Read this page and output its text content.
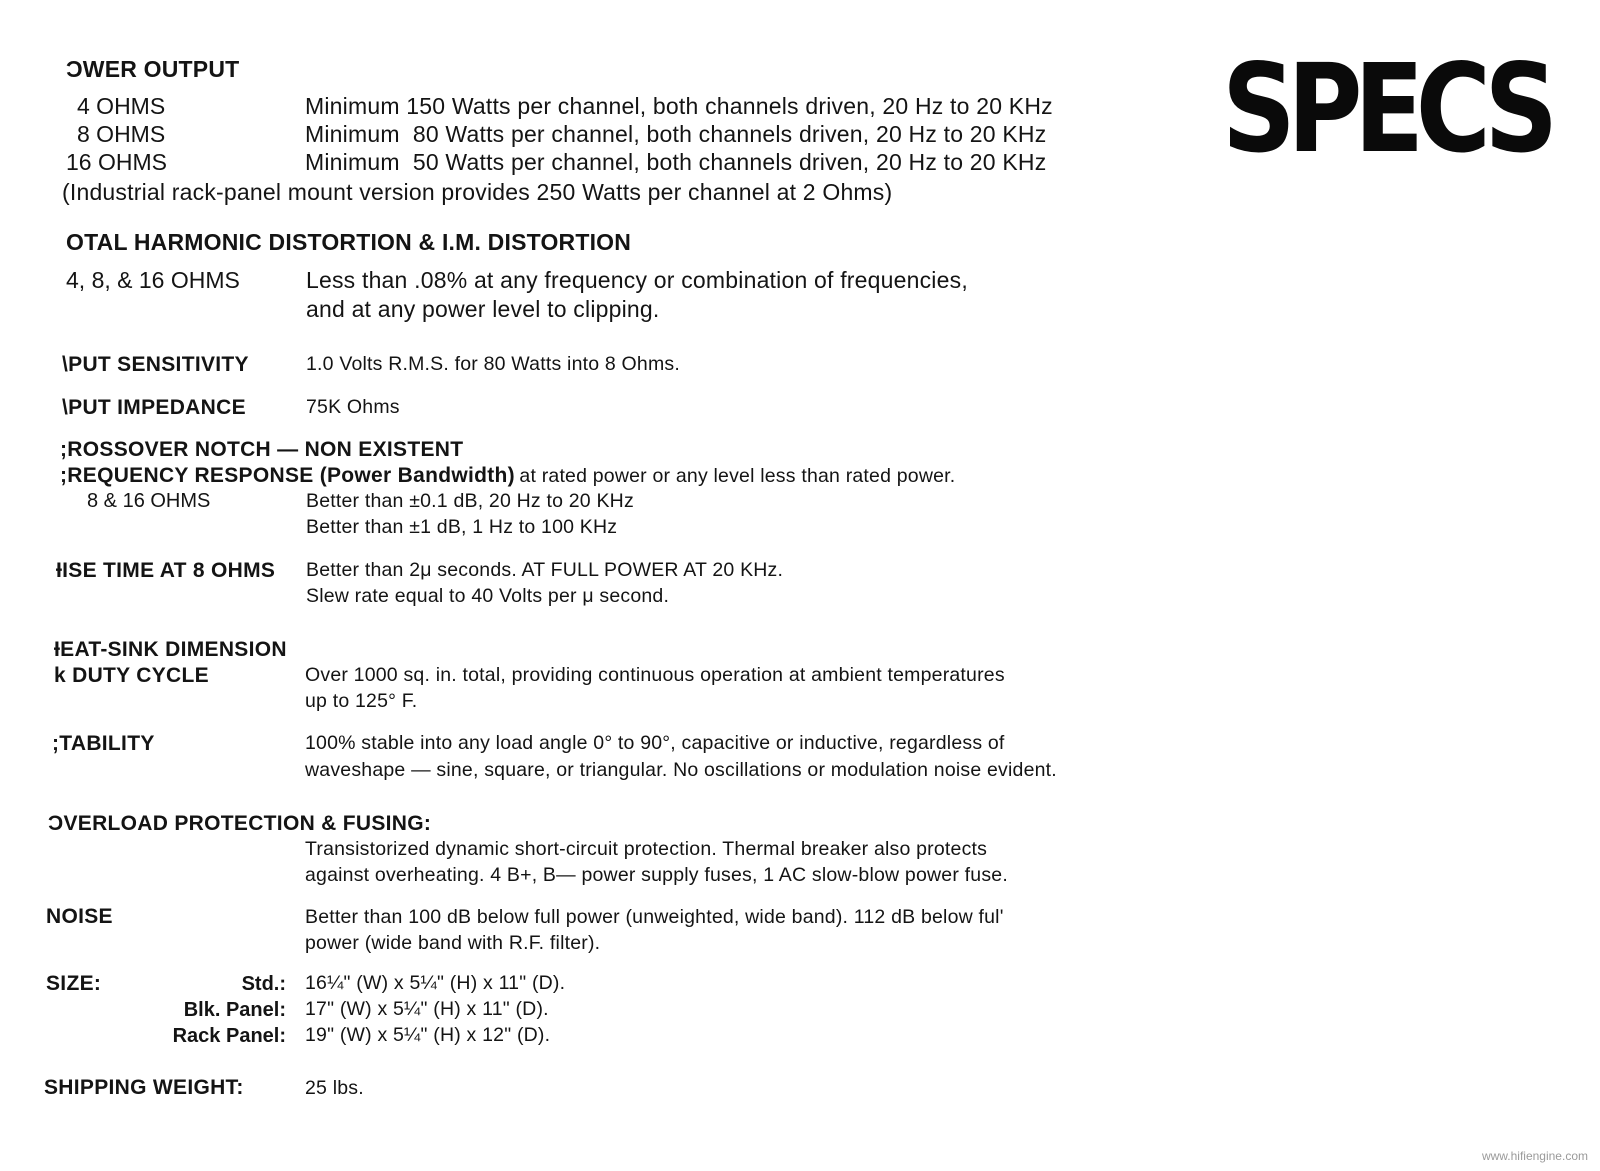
SPECS
ƆWER OUTPUT
4 OHMS	Minimum 150 Watts per channel, both channels driven, 20 Hz to 20 KHz
8 OHMS	Minimum  80 Watts per channel, both channels driven, 20 Hz to 20 KHz
16 OHMS	Minimum  50 Watts per channel, both channels driven, 20 Hz to 20 KHz
(Industrial rack-panel mount version provides 250 Watts per channel at 2 Ohms)
OTAL HARMONIC DISTORTION & I.M. DISTORTION
4, 8, & 16 OHMS	Less than .08% at any frequency or combination of frequencies,
and at any power level to clipping.
\PUT SENSITIVITY	1.0 Volts R.M.S. for 80 Watts into 8 Ohms.
\PUT IMPEDANCE	75K Ohms
;ROSSOVER NOTCH — NON EXISTENT
;REQUENCY RESPONSE (Power Bandwidth) at rated power or any level less than rated power.
8 & 16 OHMS	Better than ±0.1 dB, 20 Hz to 20 KHz
Better than ±1 dB, 1 Hz to 100 KHz
ƗISE TIME AT 8 OHMS Better than 2μ seconds. AT FULL POWER AT 20 KHz.
Slew rate equal to 40 Volts per μ second.
ƗEAT-SINK DIMENSION
k DUTY CYCLE	Over 1000 sq. in. total, providing continuous operation at ambient temperatures
up to 125° F.
;TABILITY	100% stable into any load angle 0° to 90°, capacitive or inductive, regardless of
waveshape — sine, square, or triangular. No oscillations or modulation noise evident.
ƆVERLOAD PROTECTION & FUSING:
Transistorized dynamic short-circuit protection. Thermal breaker also protects
against overheating. 4 B+, B— power supply fuses, 1 AC slow-blow power fuse.
NOISE	Better than 100 dB below full power (unweighted, wide band). 112 dB below ful'
power (wide band with R.F. filter).
SIZE:	Std.: 16¼" (W) x 5¼" (H) x 11" (D).
Blk. Panel: 17" (W) x 5¼" (H) x 11" (D).
Rack Panel: 19" (W) x 5¼" (H) x 12" (D).
SHIPPING WEIGHT:	25 lbs.
www.hifiengine.com
